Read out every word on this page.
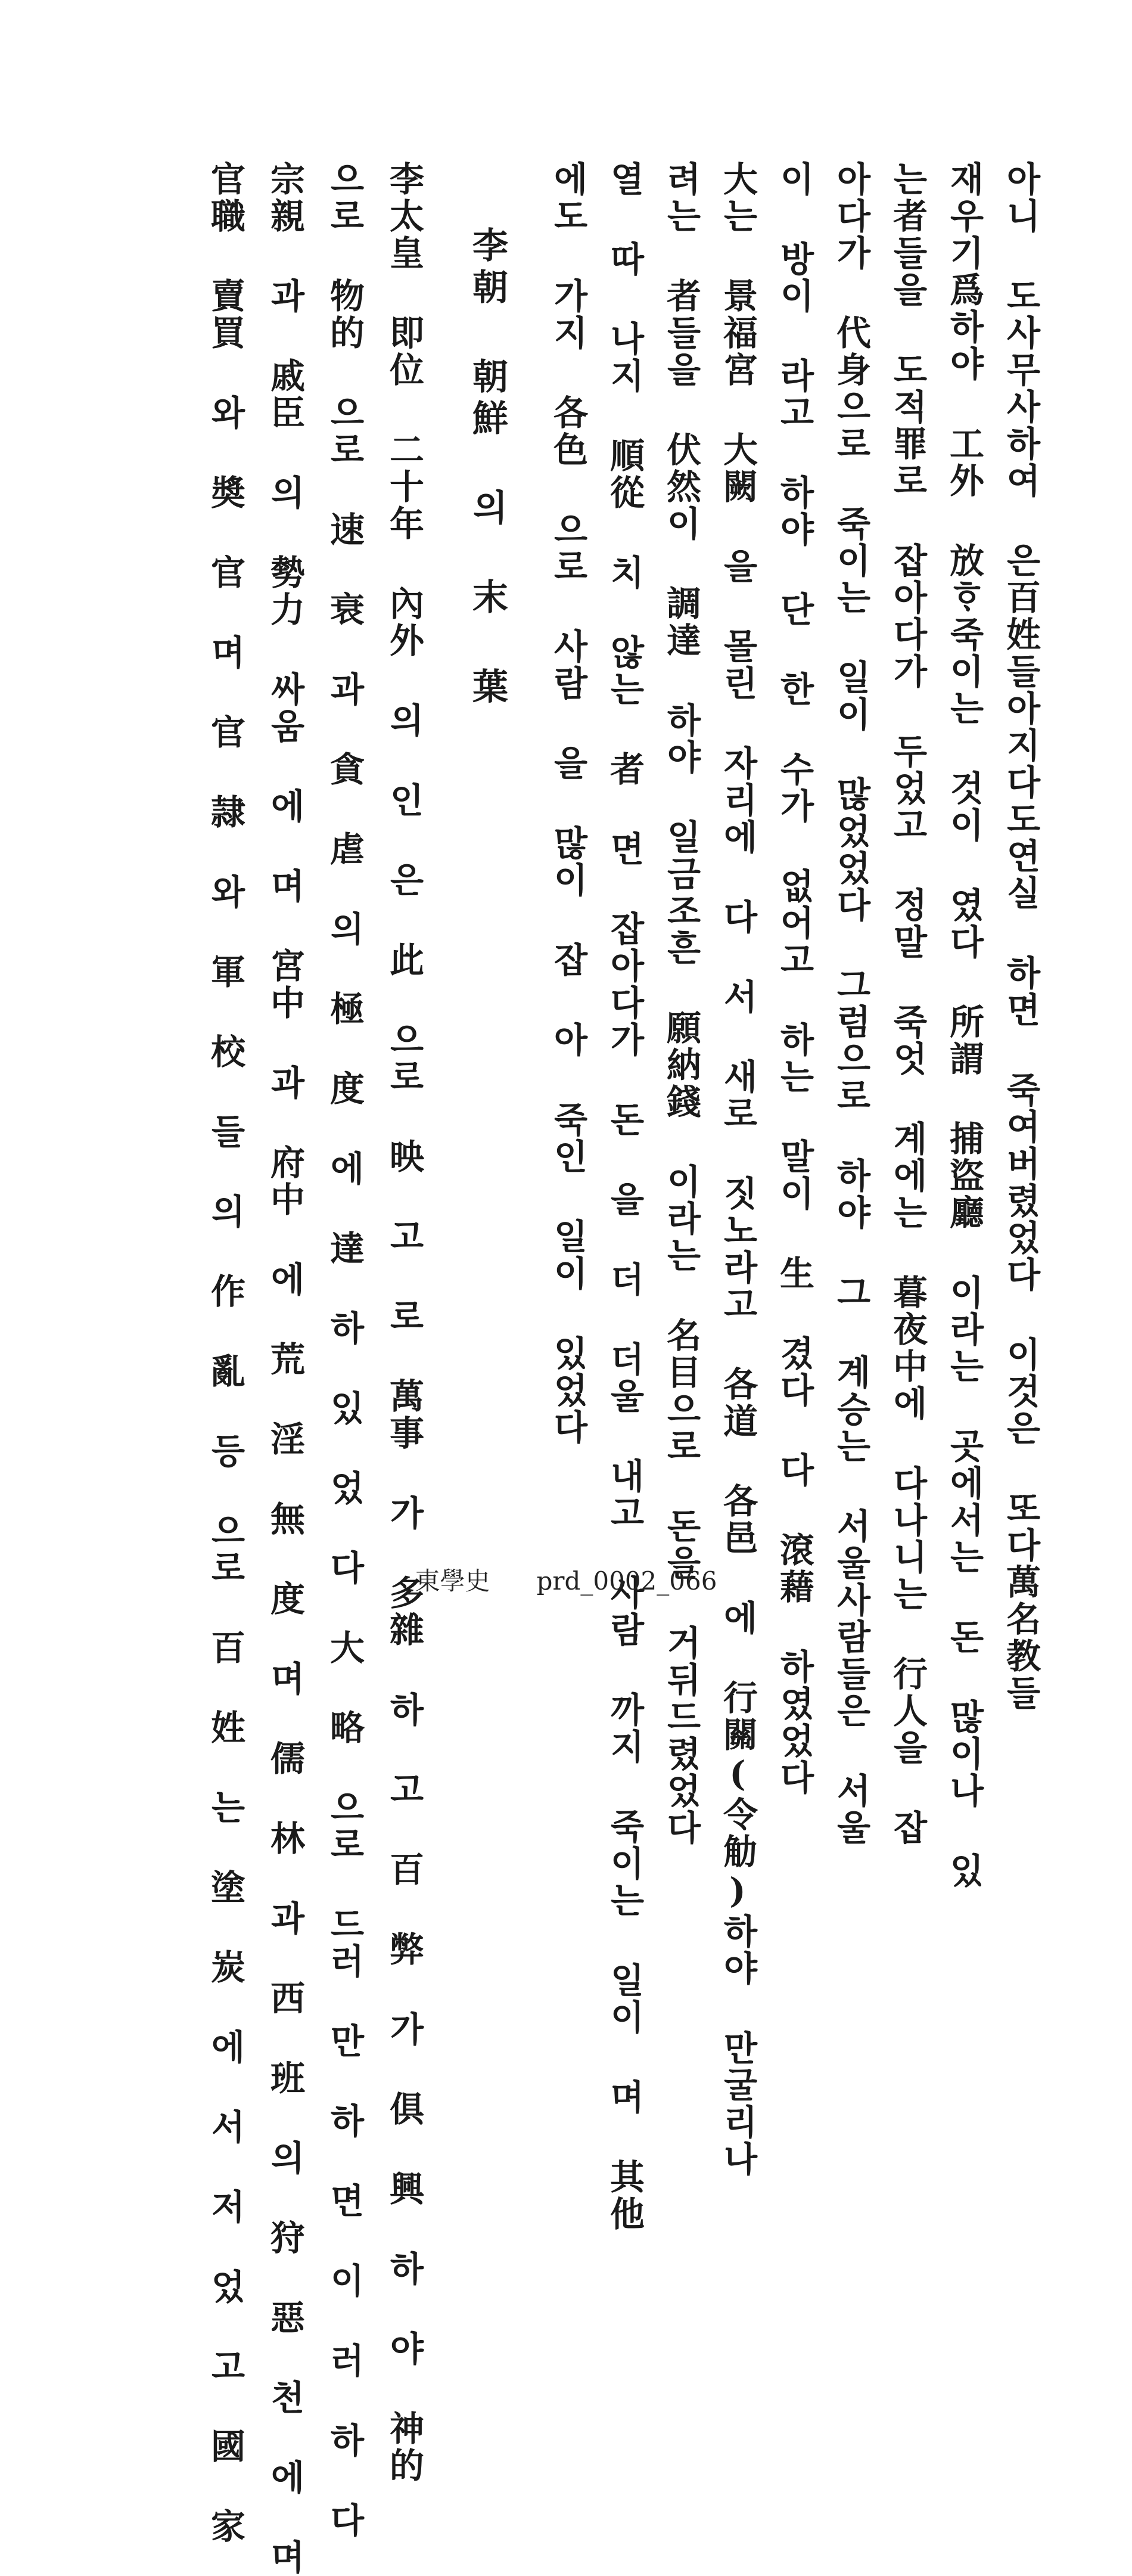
아니 도사무사하여 은百姓들아지다도연실 하면 죽여버렸었다 이것은 또다萬名教들
재우기爲하야 工外 放ᄒᆞ죽이는 것이 였다 所謂 捕盜廳 이라는 곳에서는 돈 많이나 있
는者들을 도적罪로 잡아다가 두었고 정말 죽엇 계에는 暮夜中에 다나니는 行人을 잡
아다가 代身으로 죽이는 일이 많었었다 그럼으로 하야 그 계승는 서울사람들은 서울
이 방이 라고 하야 단 한 수가 없어고 하는 말이 生 겼다 다 滾藉 하였었다
大는 景福宮 大闕 을 몰린 자리에 다 서 새로 짓노라고 各道 各邑 에 行關(令觔)하야 만굴리나
려는 者들을 伏然이 調達 하야 일금조흔 願納錢 이라는 名目으로 돈을 거뒤드렸었다
열 따 나지 順從 치 않는 者 면 잡아다가 돈 을 더 더울 내고 사람 까지 죽이는 일이 며 其他
에도 가지 各色 으로 사람 을 많이 잡 아 죽인 일이 있었다
李朝 朝鮮 의 末 葉
李太皇 即位 二十年 內外 의 인 은 此 으로 映 고 로 萬事 가 多雜 하 고 百 弊 가 俱 興 하 야 神的
으로 物的 으로 速 衰 과 貪 虐 의 極 度 에 達 하 있 었 다 大 略 으로 드러 만 하 면 이 러 하 다
宗親 과 戚臣 의 勢力 싸움 에 며 宮中 과 府中 에 荒 淫 無 度 며 儒 林 과 西 班 의 狩 惡 천 에 며
官職 賣買 와 奬 官 며 官 隷 와 軍 校 들 의 作 亂 등 으로 百 姓 는 塗 炭 에 서 저 었 고 國 家	東學史 prd_0002_066
